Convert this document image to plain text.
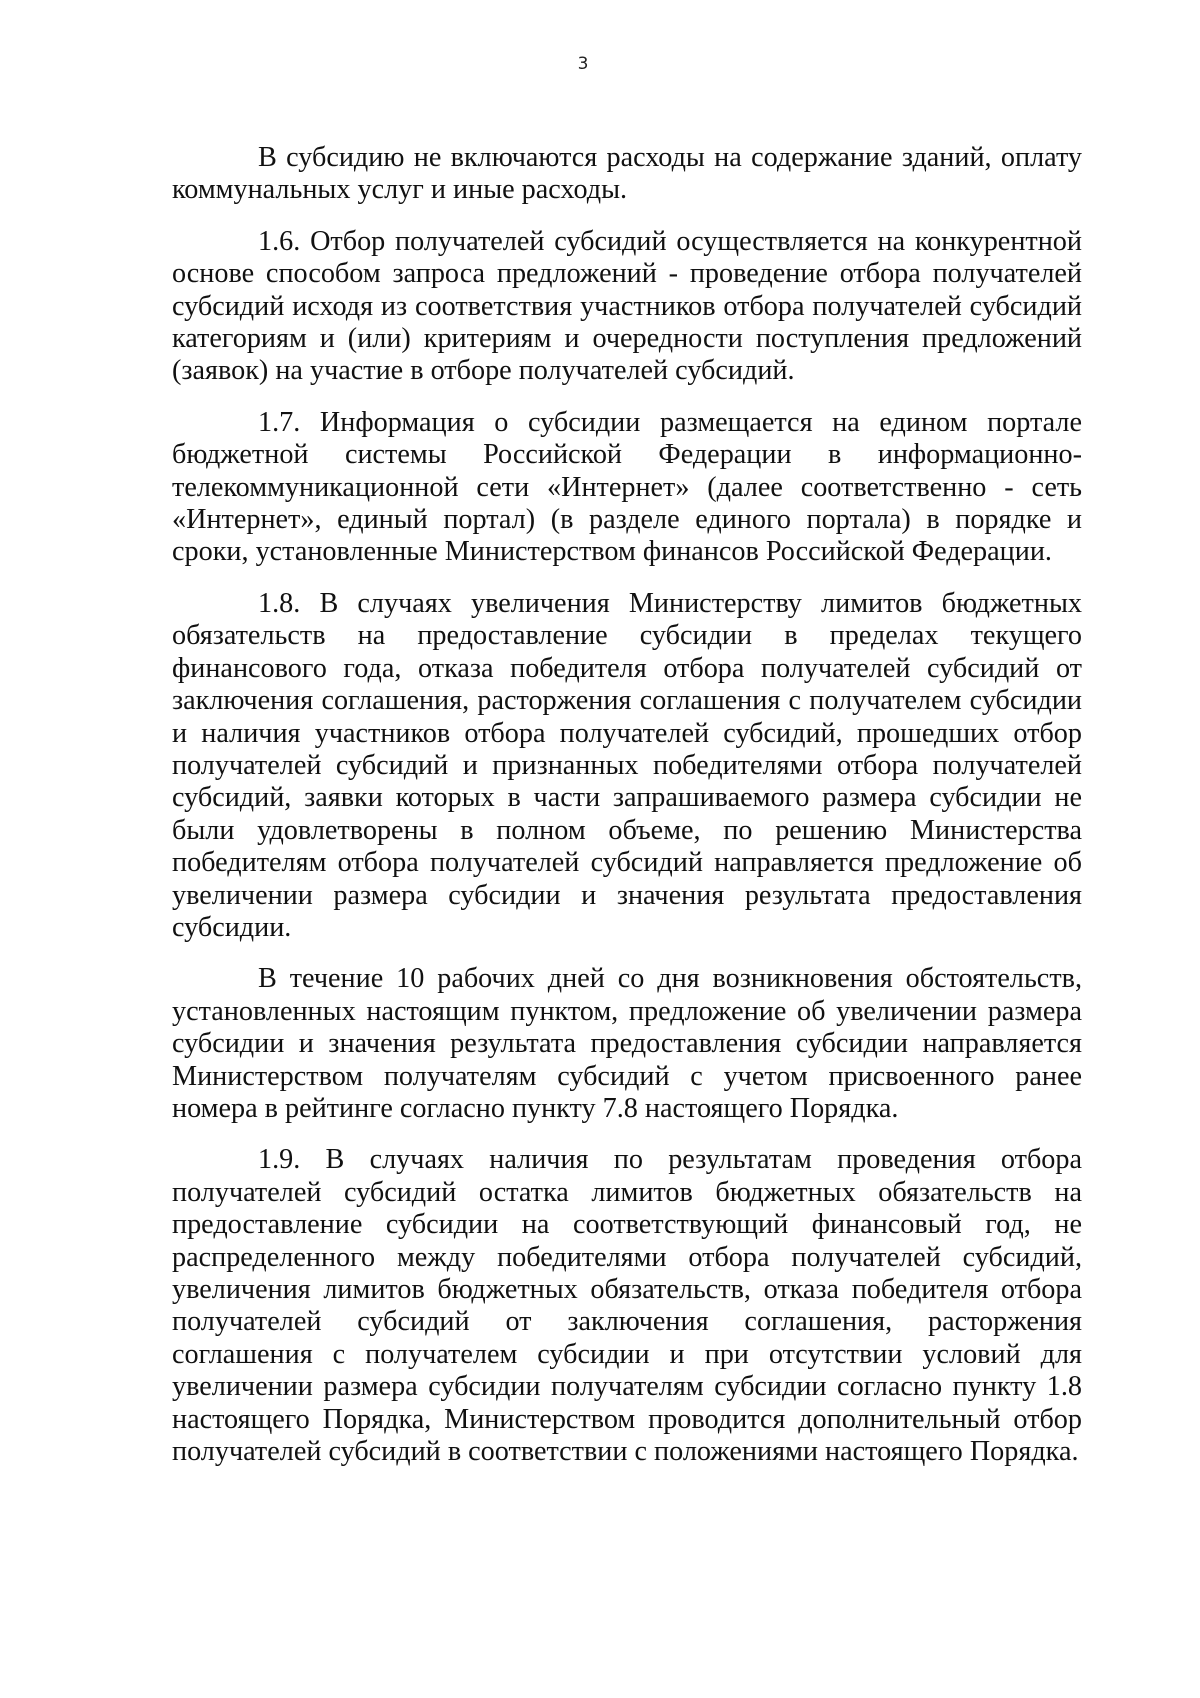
3

В субсидию не включаются расходы на содержание зданий, оплату коммунальных услуг и иные расходы.

1.6. Отбор получателей субсидий осуществляется на конкурентной основе способом запроса предложений - проведение отбора получателей субсидий исходя из соответствия участников отбора получателей субсидий категориям и (или) критериям и очередности поступления предложений (заявок) на участие в отборе получателей субсидий.

1.7. Информация о субсидии размещается на едином портале бюджетной системы Российской Федерации в информационно-телекоммуникационной сети «Интернет» (далее соответственно - сеть «Интернет», единый портал) (в разделе единого портала) в порядке и сроки, установленные Министерством финансов Российской Федерации.

1.8. В случаях увеличения Министерству лимитов бюджетных обязательств на предоставление субсидии в пределах текущего финансового года, отказа победителя отбора получателей субсидий от заключения соглашения, расторжения соглашения с получателем субсидии и наличия участников отбора получателей субсидий, прошедших отбор получателей субсидий и признанных победителями отбора получателей субсидий, заявки которых в части запрашиваемого размера субсидии не были удовлетворены в полном объеме, по решению Министерства победителям отбора получателей субсидий направляется предложение об увеличении размера субсидии и значения результата предоставления субсидии.

В течение 10 рабочих дней со дня возникновения обстоятельств, установленных настоящим пунктом, предложение об увеличении размера субсидии и значения результата предоставления субсидии направляется Министерством получателям субсидий с учетом присвоенного ранее номера в рейтинге согласно пункту 7.8 настоящего Порядка.

1.9. В случаях наличия по результатам проведения отбора получателей субсидий остатка лимитов бюджетных обязательств на предоставление субсидии на соответствующий финансовый год, не распределенного между победителями отбора получателей субсидий, увеличения лимитов бюджетных обязательств, отказа победителя отбора получателей субсидий от заключения соглашения, расторжения соглашения с получателем субсидии и при отсутствии условий для увеличении размера субсидии получателям субсидии согласно пункту 1.8 настоящего Порядка, Министерством проводится дополнительный отбор получателей субсидий в соответствии с положениями настоящего Порядка.
